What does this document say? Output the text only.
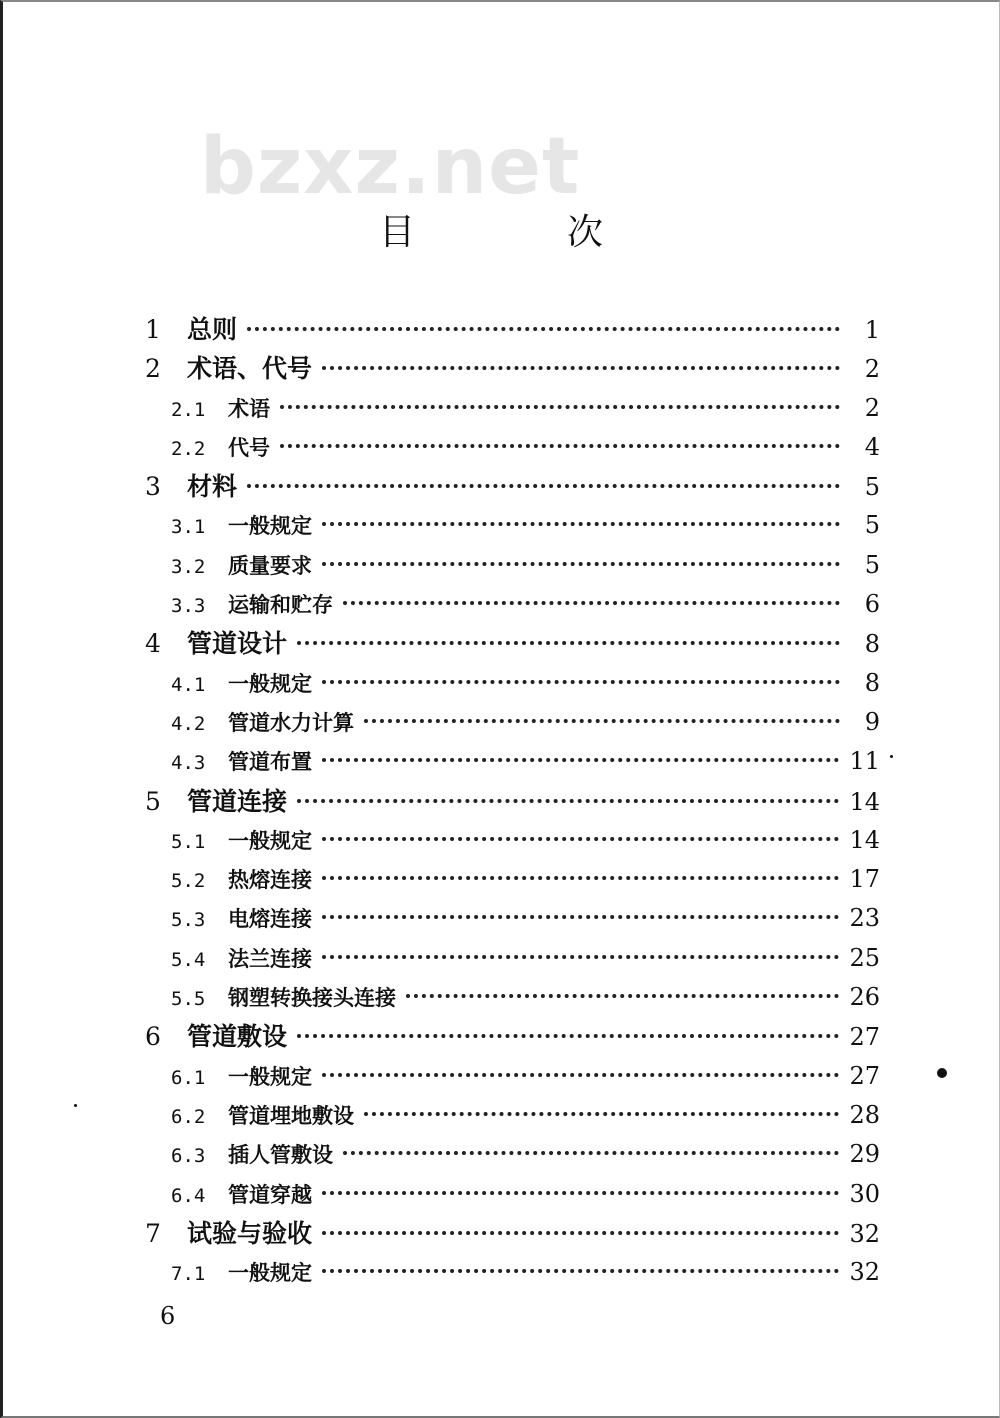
bzxz.net
目　次
1	总则	1
2	术语、代号	2
2.1	术语	2
2.2	代号	4
3	材料	5
3.1	一般规定	5
3.2	质量要求	5
3.3	运输和贮存	6
4	管道设计	8
4.1	一般规定	8
4.2	管道水力计算	9
4.3	管道布置	11
5	管道连接	14
5.1	一般规定	14
5.2	热熔连接	17
5.3	电熔连接	23
5.4	法兰连接	25
5.5	钢塑转换接头连接	26
6	管道敷设	27
6.1	一般规定	27
6.2	管道埋地敷设	28
6.3	插人管敷设	29
6.4	管道穿越	30
7	试验与验收	32
7.1	一般规定	32
6
